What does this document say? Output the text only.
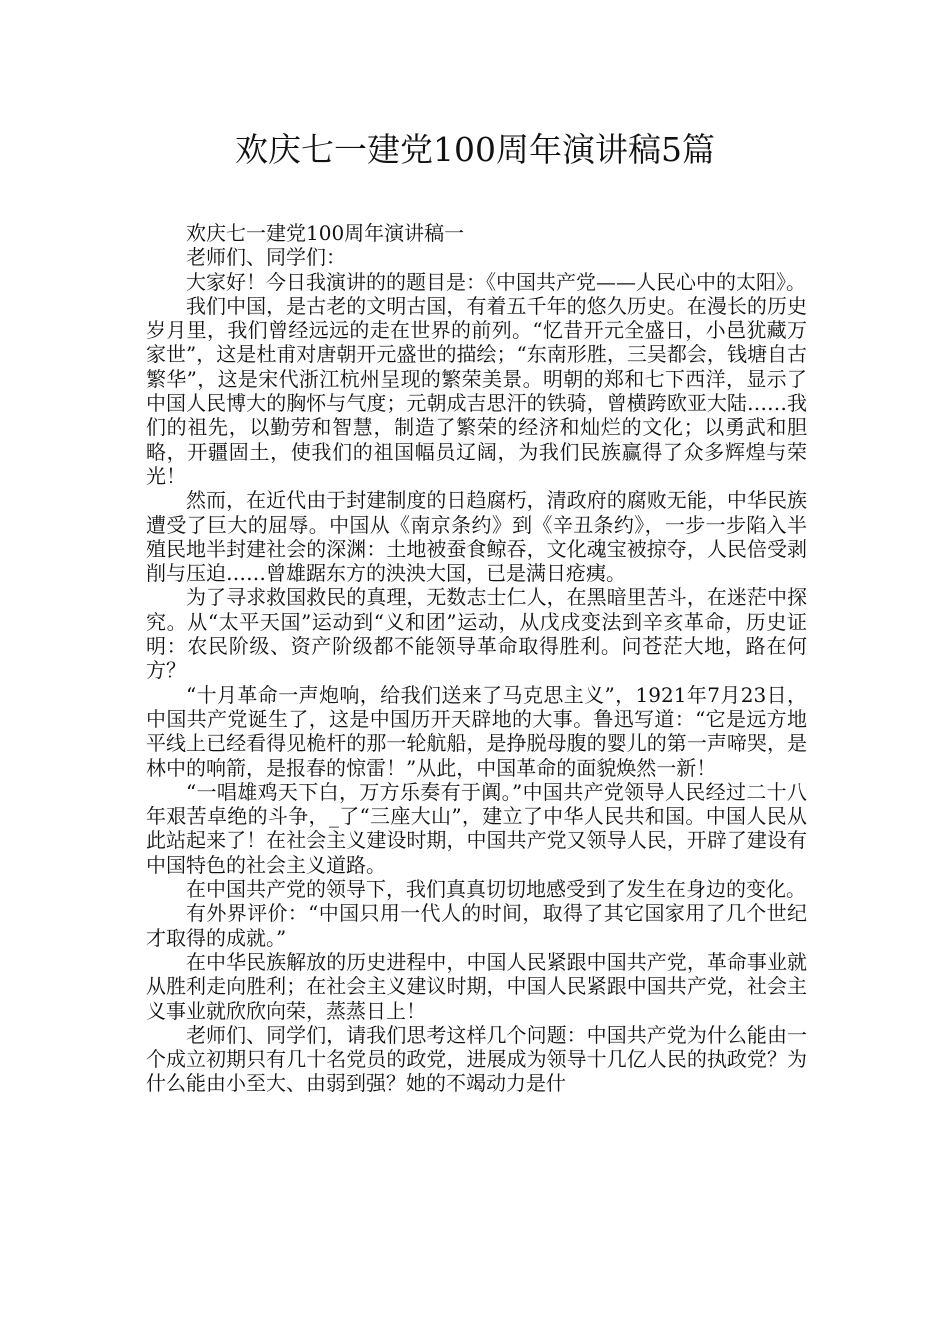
欢庆七一建党100周年演讲稿5篇

欢庆七一建党100周年演讲稿一

老师们、同学们：

大家好！今日我演讲的的题目是：《中国共产党——人民心中的太阳》。

我们中国，是古老的文明古国，有着五千年的悠久历史。在漫长的历史岁月里，我们曾经远远的走在世界的前列。“忆昔开元全盛日，小邑犹藏万家世”，这是杜甫对唐朝开元盛世的描绘；“东南形胜，三吴都会，钱塘自古繁华”，这是宋代浙江杭州呈现的繁荣美景。明朝的郑和七下西洋，显示了中国人民博大的胸怀与气度；元朝成吉思汗的铁骑，曾横跨欧亚大陆……我们的祖先，以勤劳和智慧，制造了繁荣的经济和灿烂的文化；以勇武和胆略，开疆固土，使我们的祖国幅员辽阔，为我们民族赢得了众多辉煌与荣光！

然而，在近代由于封建制度的日趋腐朽，清政府的腐败无能，中华民族遭受了巨大的屈辱。中国从《南京条约》到《辛丑条约》，一步一步陷入半殖民地半封建社会的深渊：土地被蚕食鲸吞，文化魂宝被掠夺，人民倍受剥削与压迫……曾雄踞东方的泱泱大国，已是满日疮痍。

为了寻求救国救民的真理，无数志士仁人，在黑暗里苦斗，在迷茫中探究。从“太平天国”运动到“义和团”运动，从戊戌变法到辛亥革命，历史证明：农民阶级、资产阶级都不能领导革命取得胜利。问苍茫大地，路在何方？

“十月革命一声炮响，给我们送来了马克思主义”，1921年7月23日，中国共产党诞生了，这是中国历开天辟地的大事。鲁迅写道：“它是远方地平线上已经看得见桅杆的那一轮航船，是挣脱母腹的婴儿的第一声啼哭，是林中的响箭，是报春的惊雷！”从此，中国革命的面貌焕然一新！

“一唱雄鸡天下白，万方乐奏有于阗。”中国共产党领导人民经过二十八年艰苦卓绝的斗争，_了“三座大山”，建立了中华人民共和国。中国人民从此站起来了！在社会主义建设时期，中国共产党又领导人民，开辟了建设有中国特色的社会主义道路。

在中国共产党的领导下，我们真真切切地感受到了发生在身边的变化。

有外界评价：“中国只用一代人的时间，取得了其它国家用了几个世纪才取得的成就。”

在中华民族解放的历史进程中，中国人民紧跟中国共产党，革命事业就从胜利走向胜利；在社会主义建议时期，中国人民紧跟中国共产党，社会主义事业就欣欣向荣，蒸蒸日上！

老师们、同学们，请我们思考这样几个问题：中国共产党为什么能由一个成立初期只有几十名党员的政党，进展成为领导十几亿人民的执政党？为什么能由小至大、由弱到强？她的不竭动力是什
